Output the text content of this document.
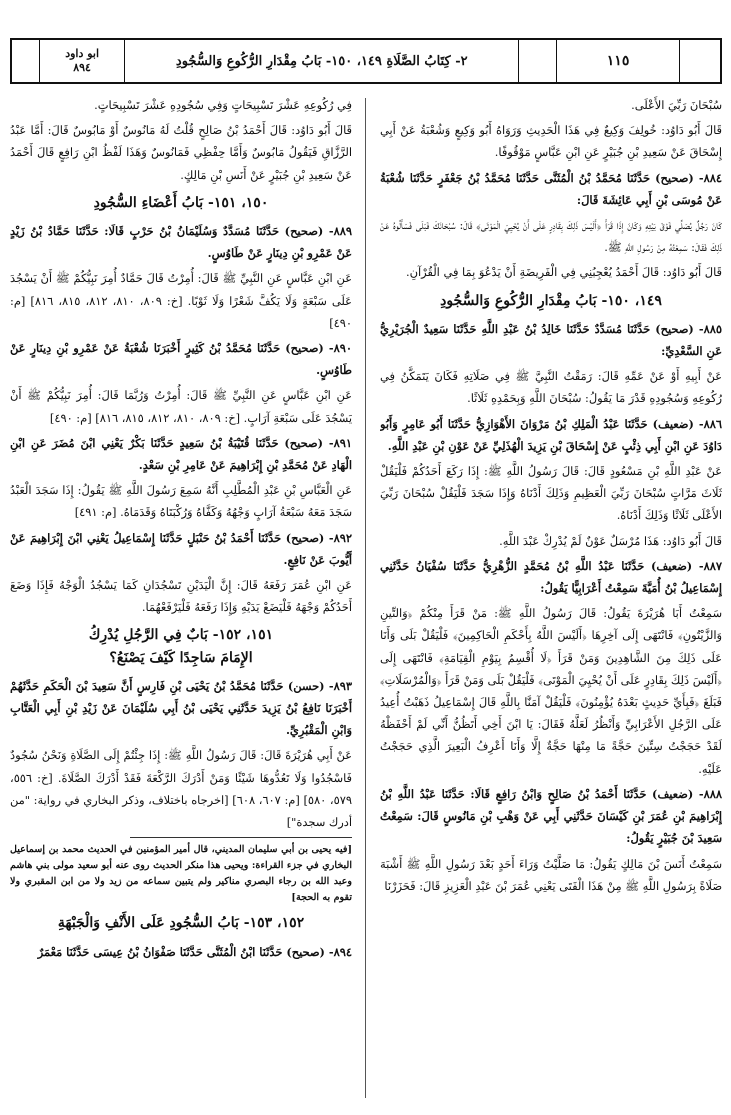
ابو داود
٨٩٤	٢- كِتَابُ الصَّلَاةِ ١٤٩، ١٥٠- بَابُ مِقْدَارِ الرُّكُوعِ وَالسُّجُودِ	١١٥

سُبْحَانَ رَبِّيَ الأَعْلَى.

قَالَ أَبُو دَاوُد: خُولِفَ وَكِيعٌ فِي هَذَا الْحَدِيثِ وَرَوَاهُ أَبُو وَكِيعٍ وَشُعْبَةُ عَنْ أَبِي إِسْحَاقَ عَنْ سَعِيدِ بْنِ جُبَيْرٍ عَنِ ابْنِ عَبَّاسٍ مَوْقُوفًا.

٨٨٤- (صحيح) حَدَّثَنَا مُحَمَّدُ بْنُ الْمُثَنَّى حَدَّثَنَا مُحَمَّدُ بْنُ جَعْفَرٍ حَدَّثَنَا شُعْبَةُ عَنْ مُوسَى بْنِ أَبِي عَائِشَةَ قَالَ:

كَانَ رَجُلٌ يُصَلِّي فَوْقَ بَيْتِهِ وَكَانَ إِذَا قَرَأَ ﴿أَلَيْسَ ذَلِكَ بِقَادِرٍ عَلَى أَنْ يُحْيِيَ الْمَوْتَى﴾ قَالَ: سُبْحَانَكَ فَبَلَى فَسَأَلُوهُ عَنْ ذَلِكَ فَقَالَ: سَمِعْتُهُ مِنْ رَسُولِ اللَّهِ ﷺ.

قَالَ أَبُو دَاوُد: قَالَ أَحْمَدُ يُعْجِبُنِي فِي الْفَرِيضَةِ أَنْ يَدْعُوَ بِمَا فِي الْقُرْآنِ.

١٤٩، ١٥٠- بَابُ مِقْدَارِ الرُّكُوعِ وَالسُّجُودِ

٨٨٥- (صحيح) حَدَّثَنَا مُسَدَّدٌ حَدَّثَنَا خَالِدُ بْنُ عَبْدِ اللَّهِ حَدَّثَنَا سَعِيدٌ الْجُرَيْرِيُّ عَنِ السَّعْدِيِّ:

عَنْ أَبِيهِ أَوْ عَنْ عَمِّهِ قَالَ: رَمَقْتُ النَّبِيَّ ﷺ فِي صَلَاتِهِ فَكَانَ يَتَمَكَّنُ فِي رُكُوعِهِ وَسُجُودِهِ قَدْرَ مَا يَقُولُ: سُبْحَانَ اللَّهِ وَبِحَمْدِهِ ثَلَاثًا.

٨٨٦- (ضعيف) حَدَّثَنَا عَبْدُ الْمَلِكِ بْنُ مَرْوَانَ الأَهْوَازِيُّ حَدَّثَنَا أَبُو عَامِرٍ وَأَبُو دَاوُدَ عَنِ ابْنِ أَبِي ذِئْبٍ عَنْ إِسْحَاقَ بْنِ يَزِيدَ الْهُذَلِيِّ عَنْ عَوْنِ بْنِ عَبْدِ اللَّهِ.

عَنْ عَبْدِ اللَّهِ بْنِ مَسْعُودٍ قَالَ: قَالَ رَسُولُ اللَّهِ ﷺ: إِذَا رَكَعَ أَحَدُكُمْ فَلْيَقُلْ ثَلَاثَ مَرَّاتٍ سُبْحَانَ رَبِّيَ الْعَظِيمِ وَذَلِكَ أَدْنَاهُ وَإِذَا سَجَدَ فَلْيَقُلْ سُبْحَانَ رَبِّيَ الأَعْلَى ثَلَاثًا وَذَلِكَ أَدْنَاهُ.

قَالَ أَبُو دَاوُد: هَذَا مُرْسَلٌ عَوْنٌ لَمْ يُدْرِكْ عَبْدَ اللَّهِ.

٨٨٧- (ضعيف) حَدَّثَنَا عَبْدُ اللَّهِ بْنُ مُحَمَّدٍ الزُّهْرِيُّ حَدَّثَنَا سُفْيَانُ حَدَّثَنِي إِسْمَاعِيلُ بْنُ أُمَيَّةَ سَمِعْتُ أَعْرَابِيًّا يَقُولُ:

سَمِعْتُ أَبَا هُرَيْرَةَ يَقُولُ: قَالَ رَسُولُ اللَّهِ ﷺ: مَنْ قَرَأَ مِنْكُمْ ﴿وَالتِّينِ وَالزَّيْتُونِ﴾ فَانْتَهَى إِلَى آخِرِهَا ﴿أَلَيْسَ اللَّهُ بِأَحْكَمِ الْحَاكِمِينَ﴾ فَلْيَقُلْ بَلَى وَأَنَا عَلَى ذَلِكَ مِنَ الشَّاهِدِينَ وَمَنْ قَرَأَ ﴿لَا أُقْسِمُ بِيَوْمِ الْقِيَامَةِ﴾ فَانْتَهَى إِلَى ﴿أَلَيْسَ ذَلِكَ بِقَادِرٍ عَلَى أَنْ يُحْيِيَ الْمَوْتَى﴾ فَلْيَقُلْ بَلَى وَمَنْ قَرَأَ ﴿وَالْمُرْسَلَاتِ﴾ فَبَلَغَ ﴿فَبِأَيِّ حَدِيثٍ بَعْدَهُ يُؤْمِنُونَ﴾ فَلْيَقُلْ آمَنَّا بِاللَّهِ قَالَ إِسْمَاعِيلُ ذَهَبْتُ أُعِيدُ عَلَى الرَّجُلِ الأَعْرَابِيِّ وَأَنْظُرُ لَعَلَّهُ فَقَالَ: يَا ابْنَ أَخِي أَتَظُنُّ أَنِّي لَمْ أَحْفَظْهُ لَقَدْ حَجَجْتُ سِتِّينَ حَجَّةً مَا مِنْهَا حَجَّةٌ إِلَّا وَأَنَا أَعْرِفُ الْبَعِيرَ الَّذِي حَجَجْتُ عَلَيْهِ.

٨٨٨- (ضعيف) حَدَّثَنَا أَحْمَدُ بْنُ صَالِحٍ وَابْنُ رَافِعٍ قَالَا: حَدَّثَنَا عَبْدُ اللَّهِ بْنُ إِبْرَاهِيمَ بْنِ عُمَرَ بْنِ كَيْسَانَ حَدَّثَنِي أَبِي عَنْ وَهْبِ بْنِ مَانُوسٍ قَالَ: سَمِعْتُ سَعِيدَ بْنَ جُبَيْرٍ يَقُولُ:

سَمِعْتُ أَنَسَ بْنَ مَالِكٍ يَقُولُ: مَا صَلَّيْتُ وَرَاءَ أَحَدٍ بَعْدَ رَسُولِ اللَّهِ ﷺ أَشْبَهَ صَلَاةً بِرَسُولِ اللَّهِ ﷺ مِنْ هَذَا الْفَتَى يَعْنِي عُمَرَ بْنَ عَبْدِ الْعَزِيزِ قَالَ: فَحَزَرْنَا

فِي رُكُوعِهِ عَشْرَ تَسْبِيحَاتٍ وَفِي سُجُودِهِ عَشْرَ تَسْبِيحَاتٍ.

قَالَ أَبُو دَاوُد: قَالَ أَحْمَدُ بْنُ صَالِحٍ قُلْتُ لَهُ مَانُوسٌ أَوْ مَابُوسٌ قَالَ: أَمَّا عَبْدُ الرَّزَّاقِ فَيَقُولُ مَابُوسٌ وَأَمَّا حِفْظِي فَمَانُوسٌ وَهَذَا لَفْظُ ابْنِ رَافِعٍ قَالَ أَحْمَدُ عَنْ سَعِيدِ بْنِ جُبَيْرٍ عَنْ أَنَسِ بْنِ مَالِكٍ.

١٥٠، ١٥١- بَابُ أَعْضَاءِ السُّجُودِ

٨٨٩- (صحيح) حَدَّثَنَا مُسَدَّدٌ وَسُلَيْمَانُ بْنُ حَرْبٍ قَالَا: حَدَّثَنَا حَمَّادُ بْنُ زَيْدٍ عَنْ عَمْرِو بْنِ دِينَارٍ عَنْ طَاوُسٍ.

عَنِ ابْنِ عَبَّاسٍ عَنِ النَّبِيِّ ﷺ قَالَ: أُمِرْتُ قَالَ حَمَّادٌ أُمِرَ نَبِيُّكُمْ ﷺ أَنْ يَسْجُدَ عَلَى سَبْعَةٍ وَلَا يَكُفَّ شَعْرًا وَلَا ثَوْبًا. [خ: ٨٠٩، ٨١٠، ٨١٢، ٨١٥، ٨١٦] [م: ٤٩٠]

٨٩٠- (صحيح) حَدَّثَنَا مُحَمَّدُ بْنُ كَثِيرٍ أَخْبَرَنَا شُعْبَةُ عَنْ عَمْرِو بْنِ دِينَارٍ عَنْ طَاوُسٍ.

عَنِ ابْنِ عَبَّاسٍ عَنِ النَّبِيِّ ﷺ قَالَ: أُمِرْتُ وَرُبَّمَا قَالَ: أُمِرَ نَبِيُّكُمْ ﷺ أَنْ يَسْجُدَ عَلَى سَبْعَةِ آرَابٍ. [خ: ٨٠٩، ٨١٠، ٨١٢، ٨١٥، ٨١٦] [م: ٤٩٠]

٨٩١- (صحيح) حَدَّثَنَا قُتَيْبَةُ بْنُ سَعِيدٍ حَدَّثَنَا بَكْرٌ يَعْنِي ابْنَ مُضَرَ عَنِ ابْنِ الْهَادِ عَنْ مُحَمَّدِ بْنِ إِبْرَاهِيمَ عَنْ عَامِرِ بْنِ سَعْدٍ.

عَنِ الْعَبَّاسِ بْنِ عَبْدِ الْمُطَّلِبِ أَنَّهُ سَمِعَ رَسُولَ اللَّهِ ﷺ يَقُولُ: إِذَا سَجَدَ الْعَبْدُ سَجَدَ مَعَهُ سَبْعَةُ آرَابٍ وَجْهُهُ وَكَفَّاهُ وَرُكْبَتَاهُ وَقَدَمَاهُ. [م: ٤٩١]

٨٩٢- (صحيح) حَدَّثَنَا أَحْمَدُ بْنُ حَنْبَلٍ حَدَّثَنَا إِسْمَاعِيلُ يَعْنِي ابْنَ إِبْرَاهِيمَ عَنْ أَيُّوبَ عَنْ نَافِعٍ.

عَنِ ابْنِ عُمَرَ رَفَعَهُ قَالَ: إِنَّ الْيَدَيْنِ تَسْجُدَانِ كَمَا يَسْجُدُ الْوَجْهُ فَإِذَا وَضَعَ أَحَدُكُمْ وَجْهَهُ فَلْيَضَعْ يَدَيْهِ وَإِذَا رَفَعَهُ فَلْيَرْفَعْهُمَا.

١٥١، ١٥٢- بَابٌ فِي الرَّجُلِ يُدْرِكُ
الإِمَامَ سَاجِدًا كَيْفَ يَصْنَعُ؟

٨٩٣- (حسن) حَدَّثَنَا مُحَمَّدُ بْنُ يَحْيَى بْنِ فَارِسٍ أَنَّ سَعِيدَ بْنَ الْحَكَمِ حَدَّثَهُمْ أَخْبَرَنَا نَافِعُ بْنُ يَزِيدَ حَدَّثَنِي يَحْيَى بْنُ أَبِي سُلَيْمَانَ عَنْ زَيْدِ بْنِ أَبِي الْعَتَّابِ وَابْنِ الْمَقْبُرِيِّ.

عَنْ أَبِي هُرَيْرَةَ قَالَ: قَالَ رَسُولُ اللَّهِ ﷺ: إِذَا جِئْتُمْ إِلَى الصَّلَاةِ وَنَحْنُ سُجُودٌ فَاسْجُدُوا وَلَا تَعُدُّوهَا شَيْئًا وَمَنْ أَدْرَكَ الرَّكْعَةَ فَقَدْ أَدْرَكَ الصَّلَاةَ. [خ: ٥٥٦، ٥٧٩، ٥٨٠] [م: ٦٠٧، ٦٠٨] [اخرجاه باختلاف، وذكر البخاري في رواية: "من أدرك سجدة"]

[فيه يحيى بن أبي سليمان المديني، قال أمير المؤمنين في الحديث محمد بن إسماعيل البخاري في جزء القراءة: ويحيى هذا منكر الحديث روى عنه أبو سعيد مولى بني هاشم وعبد الله بن رجاء البصري مناكير ولم يتبين سماعه من زيد ولا من ابن المقبري ولا تقوم به الحجة]

١٥٢، ١٥٣- بَابُ السُّجُودِ عَلَى الأَنْفِ وَالْجَبْهَةِ

٨٩٤- (صحيح) حَدَّثَنَا ابْنُ الْمُثَنَّى حَدَّثَنَا صَفْوَانُ بْنُ عِيسَى حَدَّثَنَا مَعْمَرٌ
